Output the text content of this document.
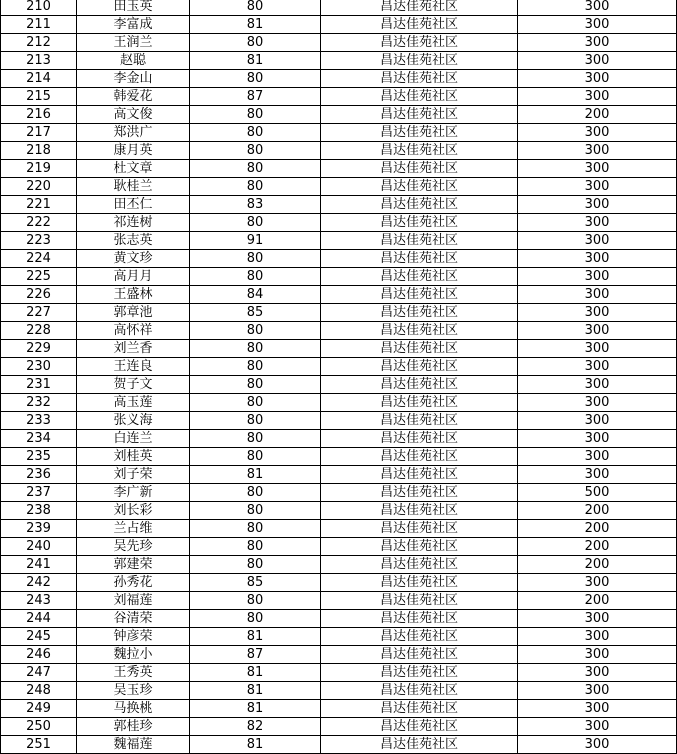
210	田玉英	80	昌达佳苑社区	300
211	李富成	81	昌达佳苑社区	300
212	王润兰	80	昌达佳苑社区	300
213	赵聪	81	昌达佳苑社区	300
214	李金山	80	昌达佳苑社区	300
215	韩爱花	87	昌达佳苑社区	300
216	高文俊	80	昌达佳苑社区	200
217	郑洪广	80	昌达佳苑社区	300
218	康月英	80	昌达佳苑社区	300
219	杜文章	80	昌达佳苑社区	300
220	耿桂兰	80	昌达佳苑社区	300
221	田丕仁	83	昌达佳苑社区	300
222	祁连树	80	昌达佳苑社区	300
223	张志英	91	昌达佳苑社区	300
224	黄文珍	80	昌达佳苑社区	300
225	高月月	80	昌达佳苑社区	300
226	王盛林	84	昌达佳苑社区	300
227	郭章池	85	昌达佳苑社区	300
228	高怀祥	80	昌达佳苑社区	300
229	刘兰香	80	昌达佳苑社区	300
230	王连良	80	昌达佳苑社区	300
231	贺子文	80	昌达佳苑社区	300
232	高玉莲	80	昌达佳苑社区	300
233	张义海	80	昌达佳苑社区	300
234	白连兰	80	昌达佳苑社区	300
235	刘桂英	80	昌达佳苑社区	300
236	刘子荣	81	昌达佳苑社区	300
237	李广新	80	昌达佳苑社区	500
238	刘长彩	80	昌达佳苑社区	200
239	兰占维	80	昌达佳苑社区	200
240	吴先珍	80	昌达佳苑社区	200
241	郭建荣	80	昌达佳苑社区	200
242	孙秀花	85	昌达佳苑社区	300
243	刘福莲	80	昌达佳苑社区	200
244	谷清荣	80	昌达佳苑社区	300
245	钟彦荣	81	昌达佳苑社区	300
246	魏拉小	87	昌达佳苑社区	300
247	王秀英	81	昌达佳苑社区	300
248	吴玉珍	81	昌达佳苑社区	300
249	马换桃	81	昌达佳苑社区	300
250	郭桂珍	82	昌达佳苑社区	300
251	魏福莲	81	昌达佳苑社区	300
